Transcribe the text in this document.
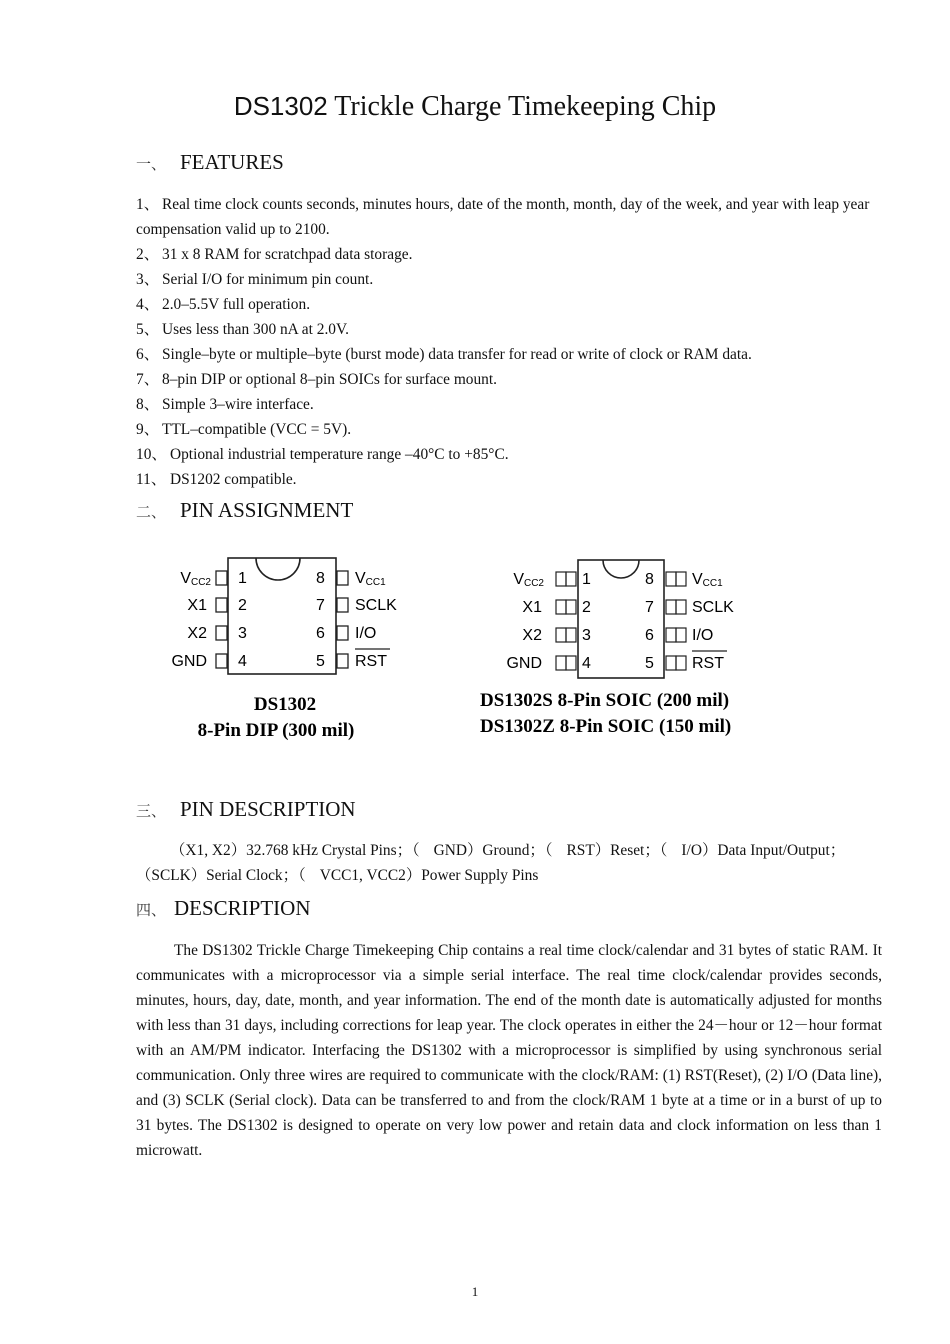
DS1302 Trickle Charge Timekeeping Chip
一、 FEATURES
1、 Real time clock counts seconds, minutes hours, date of the month, month, day of the week, and year with leap year compensation valid up to 2100.
2、 31 x 8 RAM for scratchpad data storage.
3、 Serial I/O for minimum pin count.
4、 2.0–5.5V full operation.
5、 Uses less than 300 nA at 2.0V.
6、 Single–byte or multiple–byte (burst mode) data transfer for read or write of clock or RAM data.
7、 8–pin DIP or optional 8–pin SOICs for surface mount.
8、 Simple 3–wire interface.
9、 TTL–compatible (VCC = 5V).
10、 Optional industrial temperature range –40°C to +85°C.
11、 DS1202 compatible.
二、 PIN ASSIGNMENT
1
2
3
4
8
7
6
5
VCC2
X1
X2
GND
VCC1
SCLK
I/O
RST
DS1302
8-Pin DIP (300 mil)
1
2
3
4
8
7
6
5
VCC2
X1
X2
GND
VCC1
SCLK
I/O
RST
DS1302S 8-Pin SOIC (200 mil)
DS1302Z 8-Pin SOIC (150 mil)
三、 PIN DESCRIPTION
（X1, X2）32.768 kHz Crystal Pins；（ GND）Ground；（ RST）Reset；（ I/O）Data Input/Output；
（SCLK）Serial Clock；（ VCC1, VCC2）Power Supply Pins
四、 DESCRIPTION
The DS1302 Trickle Charge Timekeeping Chip contains a real time clock/calendar and 31 bytes of static RAM. It communicates with a microprocessor via a simple serial interface. The real time clock/calendar provides seconds, minutes, hours, day, date, month, and year information. The end of the month date is automatically adjusted for months with less than 31 days, including corrections for leap year. The clock operates in either the 24－hour or 12－hour format with an AM/PM indicator. Interfacing the DS1302 with a microprocessor is simplified by using synchronous serial communication. Only three wires are required to communicate with the clock/RAM: (1) RST(Reset), (2) I/O (Data line), and (3) SCLK (Serial clock). Data can be transferred to and from the clock/RAM 1 byte at a time or in a burst of up to 31 bytes. The DS1302 is designed to operate on very low power and retain data and clock information on less than 1 microwatt.
1
